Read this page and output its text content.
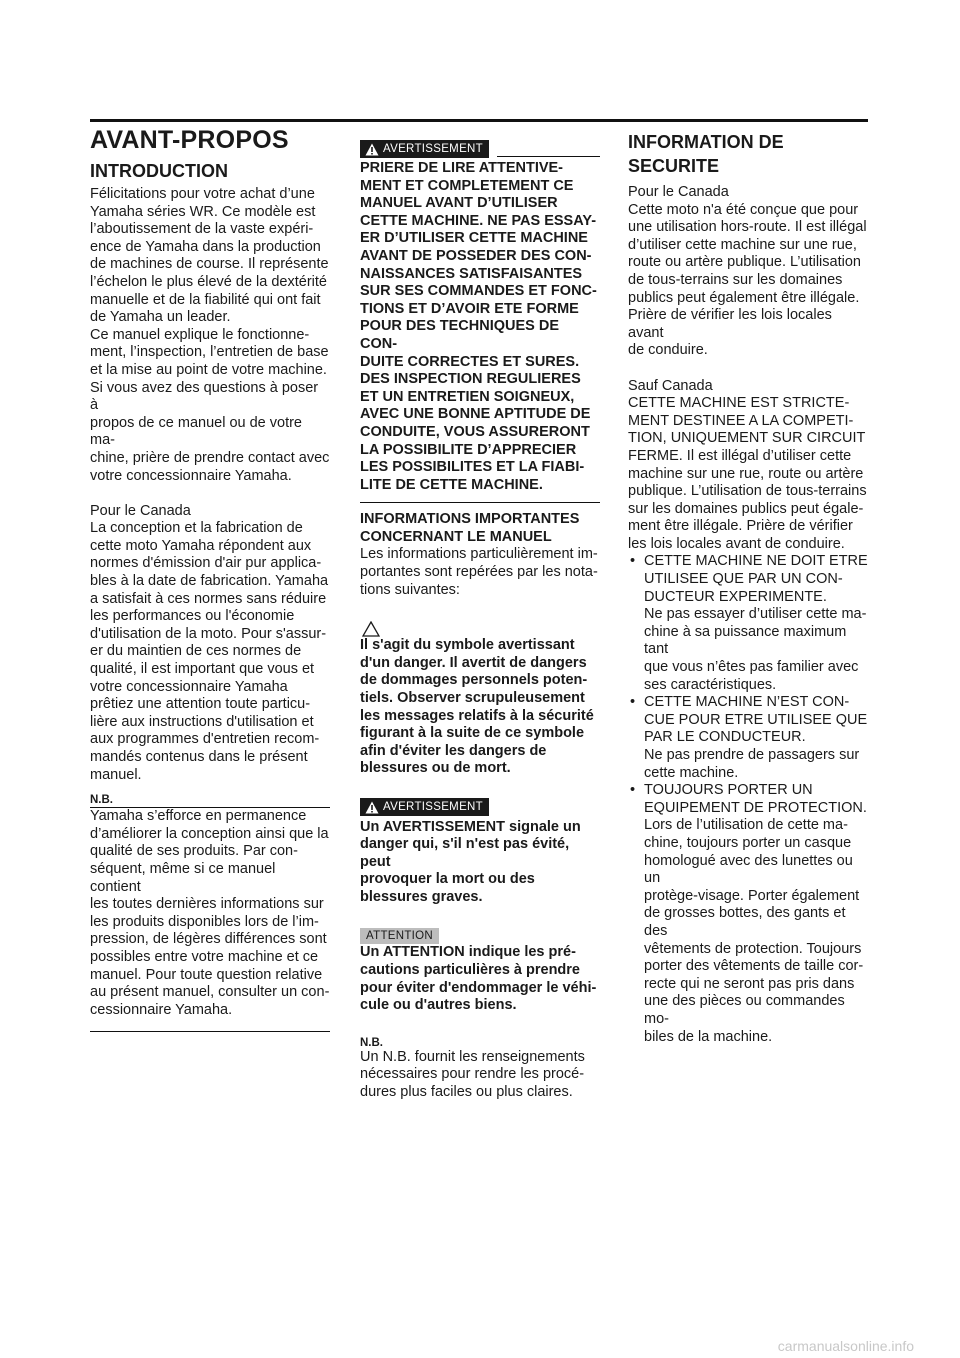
AVANT-PROPOS
INTRODUCTION

Félicitations pour votre achat d’une
Yamaha séries WR. Ce modèle est
l’aboutissement de la vaste expéri-
ence de Yamaha dans la production
de machines de course. Il représente
l’échelon le plus élevé de la dextérité
manuelle et de la fiabilité qui ont fait
de Yamaha un leader.
Ce manuel explique le fonctionne-
ment, l’inspection, l’entretien de base
et la mise au point de votre machine.
Si vous avez des questions à poser à
propos de ce manuel ou de votre ma-
chine, prière de prendre contact avec
votre concessionnaire Yamaha.

Pour le Canada
La conception et la fabrication de
cette moto Yamaha répondent aux
normes d'émission d'air pur applica-
bles à la date de fabrication. Yamaha
a satisfait à ces normes sans réduire
les performances ou l'économie
d'utilisation de la moto. Pour s'assur-
er du maintien de ces normes de
qualité, il est important que vous et
votre concessionnaire Yamaha
prêtiez une attention toute particu-
lière aux instructions d'utilisation et
aux programmes d'entretien recom-
mandés contenus dans le présent
manuel.

N.B.

Yamaha s’efforce en permanence
d’améliorer la conception ainsi que la
qualité de ses produits. Par con-
séquent, même si ce manuel contient
les toutes dernières informations sur
les produits disponibles lors de l’im-
pression, de légères différences sont
possibles entre votre machine et ce
manuel. Pour toute question relative
au présent manuel, consulter un con-
cessionnaire Yamaha.

AVERTISSEMENT

PRIERE DE LIRE ATTENTIVE-
MENT ET COMPLETEMENT CE
MANUEL AVANT D’UTILISER
CETTE MACHINE. NE PAS ESSAY-
ER D’UTILISER CETTE MACHINE
AVANT DE POSSEDER DES CON-
NAISSANCES SATISFAISANTES
SUR SES COMMANDES ET FONC-
TIONS ET D’AVOIR ETE FORME
POUR DES TECHNIQUES DE CON-
DUITE CORRECTES ET SURES.
DES INSPECTION REGULIERES
ET UN ENTRETIEN SOIGNEUX,
AVEC UNE BONNE APTITUDE DE
CONDUITE, VOUS ASSURERONT
LA POSSIBILITE D’APPRECIER
LES POSSIBILITES ET LA FIABI-
LITE DE CETTE MACHINE.

INFORMATIONS IMPORTANTES
CONCERNANT LE MANUEL

Les informations particulièrement im-
portantes sont repérées par les nota-
tions suivantes:

Il s'agit du symbole avertissant
d'un danger. Il avertit de dangers
de dommages personnels poten-
tiels. Observer scrupuleusement
les messages relatifs à la sécurité
figurant à la suite de ce symbole
afin d'éviter les dangers de
blessures ou de mort.

AVERTISSEMENT

Un AVERTISSEMENT signale un
danger qui, s'il n'est pas évité, peut
provoquer la mort ou des
blessures graves.

ATTENTION

Un ATTENTION indique les pré-
cautions particulières à prendre
pour éviter d'endommager le véhi-
cule ou d'autres biens.

N.B.

Un N.B. fournit les renseignements
nécessaires pour rendre les procé-
dures plus faciles ou plus claires.

INFORMATION DE
SECURITE

Pour le Canada
Cette moto n'a été conçue que pour
une utilisation hors-route. Il est illégal
d’utiliser cette machine sur une rue,
route ou artère publique. L’utilisation
de tous-terrains sur les domaines
publics peut également être illégale.
Prière de vérifier les lois locales avant
de conduire.

Sauf Canada
CETTE MACHINE EST STRICTE-
MENT DESTINEE A LA COMPETI-
TION, UNIQUEMENT SUR CIRCUIT
FERME. Il est illégal d’utiliser cette
machine sur une rue, route ou artère
publique. L’utilisation de tous-terrains
sur les domaines publics peut égale-
ment être illégale. Prière de vérifier
les lois locales avant de conduire.

• CETTE MACHINE NE DOIT ETRE
UTILISEE QUE PAR UN CON-
DUCTEUR EXPERIMENTE.
Ne pas essayer d’utiliser cette ma-
chine à sa puissance maximum tant
que vous n’êtes pas familier avec
ses caractéristiques.
• CETTE MACHINE N’EST CON-
CUE POUR ETRE UTILISEE QUE
PAR LE CONDUCTEUR.
Ne pas prendre de passagers sur
cette machine.
• TOUJOURS PORTER UN
EQUIPEMENT DE PROTECTION.
Lors de l’utilisation de cette ma-
chine, toujours porter un casque
homologué avec des lunettes ou un
protège-visage. Porter également
de grosses bottes, des gants et des
vêtements de protection. Toujours
porter des vêtements de taille cor-
recte qui ne seront pas pris dans
une des pièces ou commandes mo-
biles de la machine.
carmanualsonline.info
